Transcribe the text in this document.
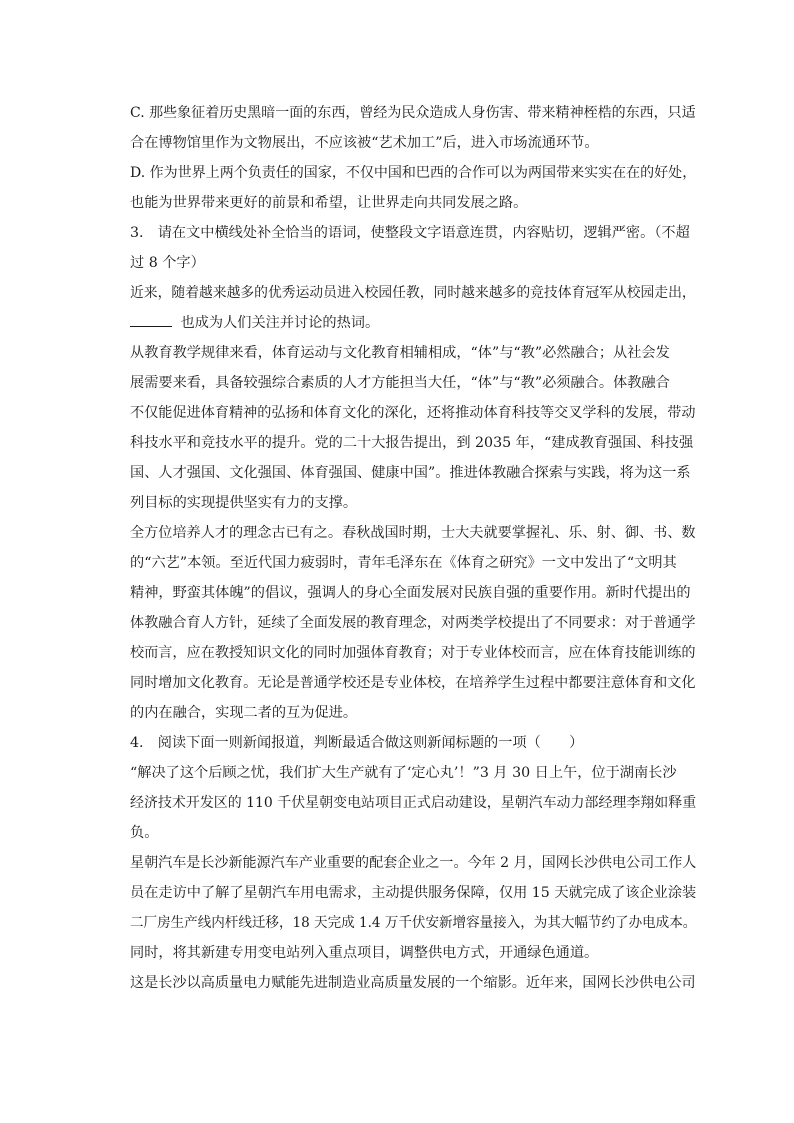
C. 那些象征着历史黑暗一面的东西，曾经为民众造成人身伤害、带来精神桎梏的东西，只适
合在博物馆里作为文物展出，不应该被“艺术加工”后，进入市场流通环节。
D. 作为世界上两个负责任的国家，不仅中国和巴西的合作可以为两国带来实实在在的好处，
也能为世界带来更好的前景和希望，让世界走向共同发展之路。
3.　请在文中横线处补全恰当的语词，使整段文字语意连贯，内容贴切，逻辑严密。（不超
过 8 个字）
近来，随着越来越多的优秀运动员进入校园任教，同时越来越多的竞技体育冠军从校园走出，
也成为人们关注并讨论的热词。
从教育教学规律来看，体育运动与文化教育相辅相成，“体”与“教”必然融合；从社会发
展需要来看，具备较强综合素质的人才方能担当大任，“体”与“教”必须融合。体教融合
不仅能促进体育精神的弘扬和体育文化的深化，还将推动体育科技等交叉学科的发展，带动
科技水平和竞技水平的提升。党的二十大报告提出，到 2035 年，“建成教育强国、科技强
国、人才强国、文化强国、体育强国、健康中国”。推进体教融合探索与实践，将为这一系
列目标的实现提供坚实有力的支撑。
全方位培养人才的理念古已有之。春秋战国时期，士大夫就要掌握礼、乐、射、御、书、数
的“六艺”本领。至近代国力疲弱时，青年毛泽东在《体育之研究》一文中发出了“文明其
精神，野蛮其体魄”的倡议，强调人的身心全面发展对民族自强的重要作用。新时代提出的
体教融合育人方针，延续了全面发展的教育理念，对两类学校提出了不同要求：对于普通学
校而言，应在教授知识文化的同时加强体育教育；对于专业体校而言，应在体育技能训练的
同时增加文化教育。无论是普通学校还是专业体校，在培养学生过程中都要注意体育和文化
的内在融合，实现二者的互为促进。
4.　阅读下面一则新闻报道，判断最适合做这则新闻标题的一项（　　）
“解决了这个后顾之忧，我们扩大生产就有了‘定心丸’！”3 月 30 日上午，位于湖南长沙
经济技术开发区的 110 千伏星朝变电站项目正式启动建设，星朝汽车动力部经理李翔如释重
负。
星朝汽车是长沙新能源汽车产业重要的配套企业之一。今年 2 月，国网长沙供电公司工作人
员在走访中了解了星朝汽车用电需求，主动提供服务保障，仅用 15 天就完成了该企业涂装
二厂房生产线内杆线迁移，18 天完成 1.4 万千伏安新增容量接入，为其大幅节约了办电成本。
同时，将其新建专用变电站列入重点项目，调整供电方式，开通绿色通道。
这是长沙以高质量电力赋能先进制造业高质量发展的一个缩影。近年来，国网长沙供电公司
